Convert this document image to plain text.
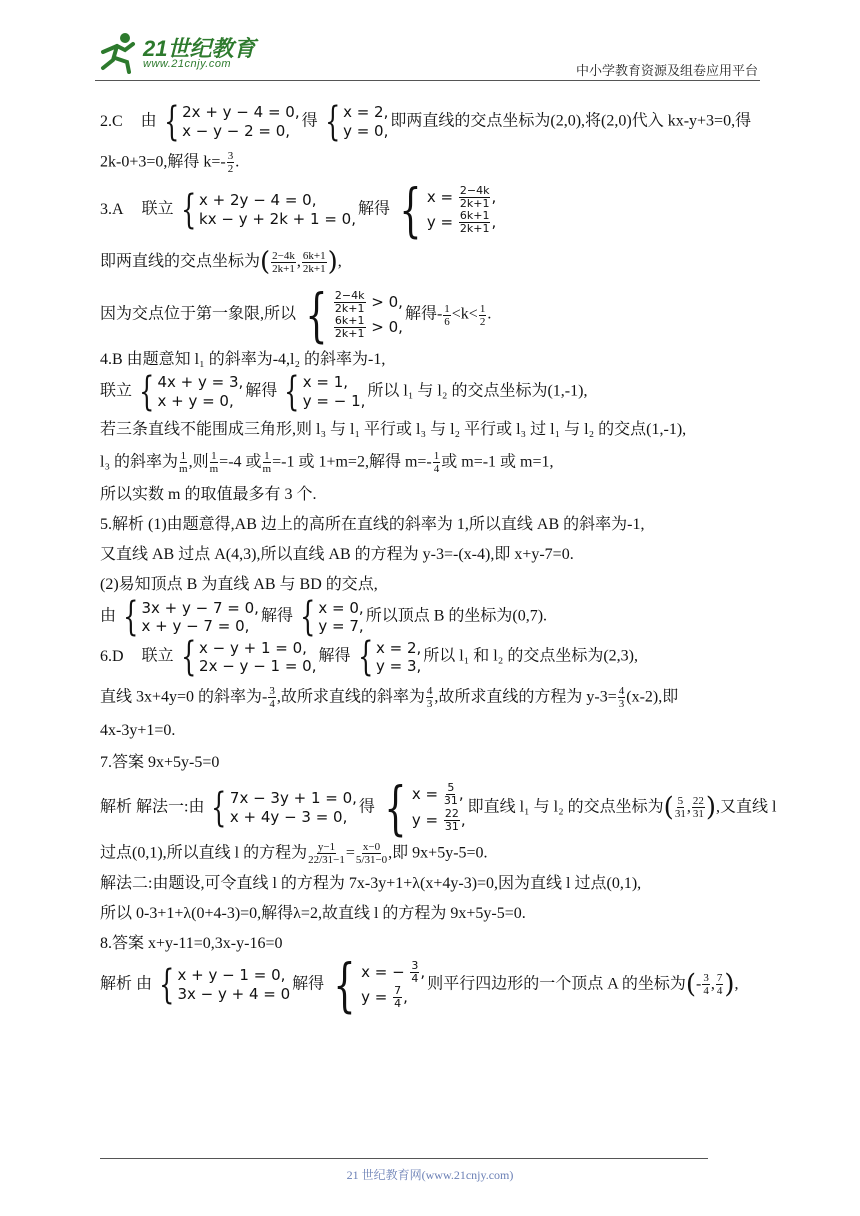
21世纪教育
www.21cnjy.com	中小学教育资源及组卷应用平台
2.C 由 { 2x + y − 4 = 0,
x − y − 2 = 0,
得 { x = 2,
y = 0,
即两直线的交点坐标为(2,0),将(2,0)代入 kx-y+3=0,得
2k-0+3=0,解得 $k=- \frac{3}{2}$ .
3.A 联立 { x + 2y − 4 = 0,
kx − y + 2k + 1 = 0,
解得 { $x = \frac{2-4k}{2k+1}$ ,
$y = \frac{6k+1}{2k+1}$ ,
即两直线的交点坐标为( $\frac{2-4k}{2k+1}$ , $\frac{6k+1}{2k+1}$ ),
因为交点位于第一象限,所以 { $\frac{2-4k}{2k+1} > 0$,
$\frac{6k+1}{2k+1} > 0$,
解得- $\frac{1}{6} <k< \frac{1}{2}$ .
4.B 由题意知 l₁ 的斜率为-4,l₂ 的斜率为-1,
联立 { 4x + y = 3,
x + y = 0,
解得 { x = 1,
y = − 1,
所以 l₁ 与 l₂ 的交点坐标为(1,-1),
若三条直线不能围成三角形,则 l₃ 与 l₁ 平行或 l₃ 与 l₂ 平行或 l₃ 过 l₁ 与 l₂ 的交点(1,-1),
l₃ 的斜率为 $\frac{1}{m}$ ,则 $\frac{1}{m} =-4$ 或 $\frac{1}{m} =-1$ 或 1+m=2,解得 $m=- \frac{1}{4}$ 或 m=-1 或 m=1,
所以实数 m 的取值最多有 3 个.
5.解析 (1)由题意得,AB 边上的高所在直线的斜率为 1,所以直线 AB 的斜率为-1,
又直线 AB 过点 A(4,3),所以直线 AB 的方程为 y-3=-(x-4),即 x+y-7=0.
(2)易知顶点 B 为直线 AB 与 BD 的交点,
由 { 3x + y − 7 = 0,
x + y − 7 = 0,
解得 { x = 0,
y = 7,
所以顶点 B 的坐标为(0,7).
6.D 联立 { x − y + 1 = 0,
2x − y − 1 = 0,
解得 { x = 2,
y = 3,
所以 l₁ 和 l₂ 的交点坐标为(2,3),
直线 3x+4y=0 的斜率为- $\frac{3}{4}$ ,故所求直线的斜率为 $\frac{4}{3}$ ,故所求直线的方程为 $y-3= \frac{4}{3} (x-2)$,即
4x-3y+1=0.
7.答案 9x+5y-5=0
解析 解法一:由 { 7x − 3y + 1 = 0,
x + 4y − 3 = 0,
得 { $x = \frac{5}{31}$ ,
$y = \frac{22}{31}$ ,
即直线 l₁ 与 l₂ 的交点坐标为( $\frac{5}{31}$ , $\frac{22}{31}$ ),又直线 l
过点(0,1),所以直线 l 的方程为 $\frac{y-1}{22/31-1} = \frac{x-0}{5/31-0}$ ,即 9x+5y-5=0.
解法二:由题设,可令直线 l 的方程为 7x-3y+1+λ(x+4y-3)=0,因为直线 l 过点(0,1),
所以 0-3+1+λ(0+4-3)=0,解得λ=2,故直线 l 的方程为 9x+5y-5=0.
8.答案 x+y-11=0,3x-y-16=0
解析 由 { x + y − 1 = 0,
3x − y + 4 = 0
解得 { x = − $\frac{3}{4}$ ,
$y = \frac{7}{4}$ ,
则平行四边形的一个顶点 A 的坐标为(- $\frac{3}{4}$ , $\frac{7}{4}$ ),
21 世纪教育网(www.21cnjy.com)
